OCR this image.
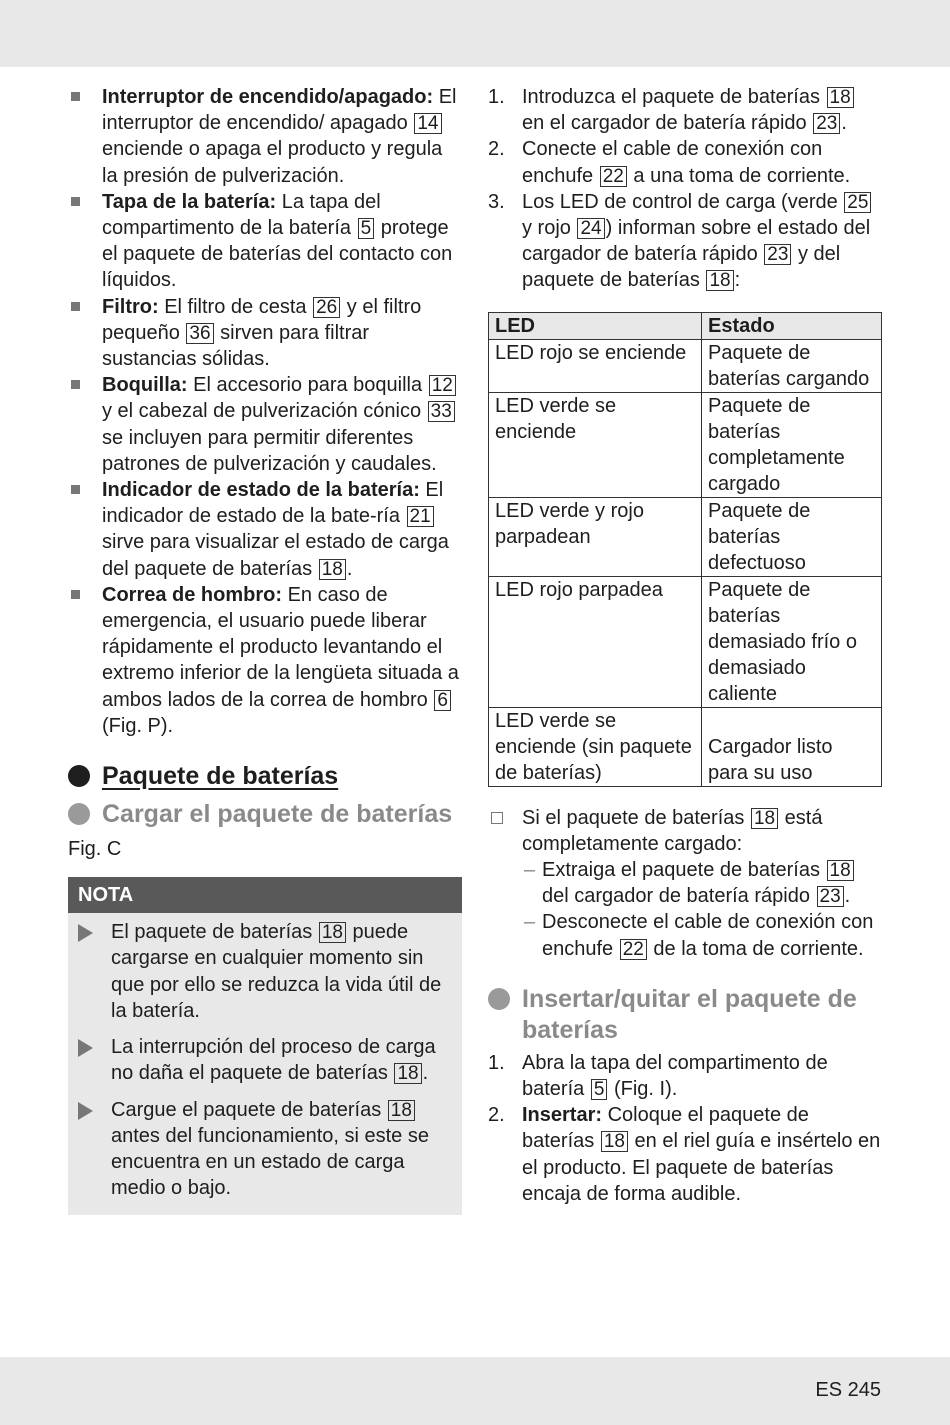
Interruptor de encendido/apagado: El interruptor de encendido/ apagado 14 enciende o apaga el producto y regula la presión de pulverización.
Tapa de la batería: La tapa del compartimento de la batería 5 protege el paquete de baterías del contacto con líquidos.
Filtro: El filtro de cesta 26 y el filtro pequeño 36 sirven para filtrar sustancias sólidas.
Boquilla: El accesorio para boquilla 12 y el cabezal de pulverización cónico 33 se incluyen para permitir diferentes patrones de pulverización y caudales.
Indicador de estado de la batería: El indicador de estado de la bate-ría 21 sirve para visualizar el estado de carga del paquete de baterías 18 .
Correa de hombro: En caso de emergencia, el usuario puede liberar rápidamente el producto levantando el extremo inferior de la lengüeta situada a ambos lados de la correa de hombro 6 (Fig. P).
Paquete de baterías
Cargar el paquete de baterías
Fig. C
NOTA
El paquete de baterías 18 puede cargarse en cualquier momento sin que por ello se reduzca la vida útil de la batería.
La interrupción del proceso de carga no daña el paquete de baterías 18 .
Cargue el paquete de baterías 18 antes del funcionamiento, si este se encuentra en un estado de carga medio o bajo.
1. Introduzca el paquete de baterías 18 en el cargador de batería rápido 23 .
2. Conecte el cable de conexión con enchufe 22 a una toma de corriente.
3. Los LED de control de carga (verde 25 y rojo 24 ) informan sobre el estado del cargador de batería rápido 23 y del paquete de baterías 18 :
LED	Estado
LED rojo se enciende	Paquete de baterías cargando
LED verde se enciende	Paquete de baterías completamente cargado
LED verde y rojo parpadean	Paquete de baterías defectuoso
LED rojo parpadea	Paquete de baterías demasiado frío o demasiado caliente
LED verde se enciende (sin paquete de baterías)	Cargador listo para su uso
Si el paquete de baterías 18 está completamente cargado:
– Extraiga el paquete de baterías 18 del cargador de batería rápido 23 .
– Desconecte el cable de conexión con enchufe 22 de la toma de corriente.
Insertar/quitar el paquete de baterías
1. Abra la tapa del compartimento de batería 5 (Fig. I).
2. Insertar: Coloque el paquete de baterías 18 en el riel guía e insértelo en el producto. El paquete de baterías encaja de forma audible.
ES 245
